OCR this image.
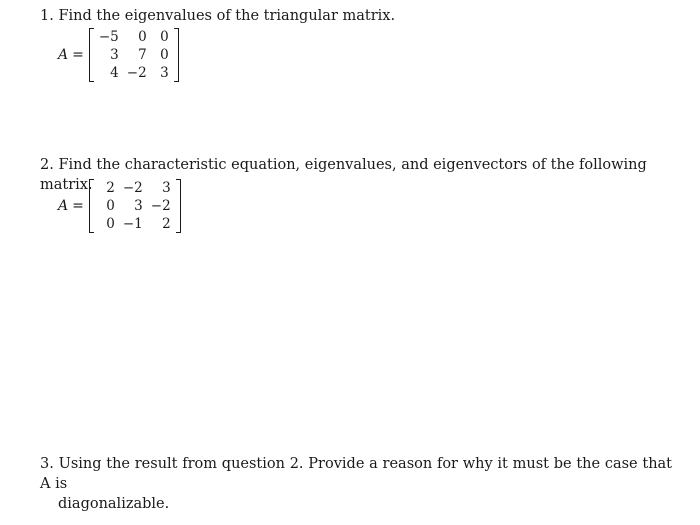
1. Find the eigenvalues of the triangular matrix.
A =
−5	0	0
3	7	0
4	−2	3
2. Find the characteristic equation, eigenvalues, and eigenvectors of the following matrix.
A =
2	−2	3
0	3	−2
0	−1	2
3. Using the result from question 2. Provide a reason for why it must be the case that A is
diagonalizable.
